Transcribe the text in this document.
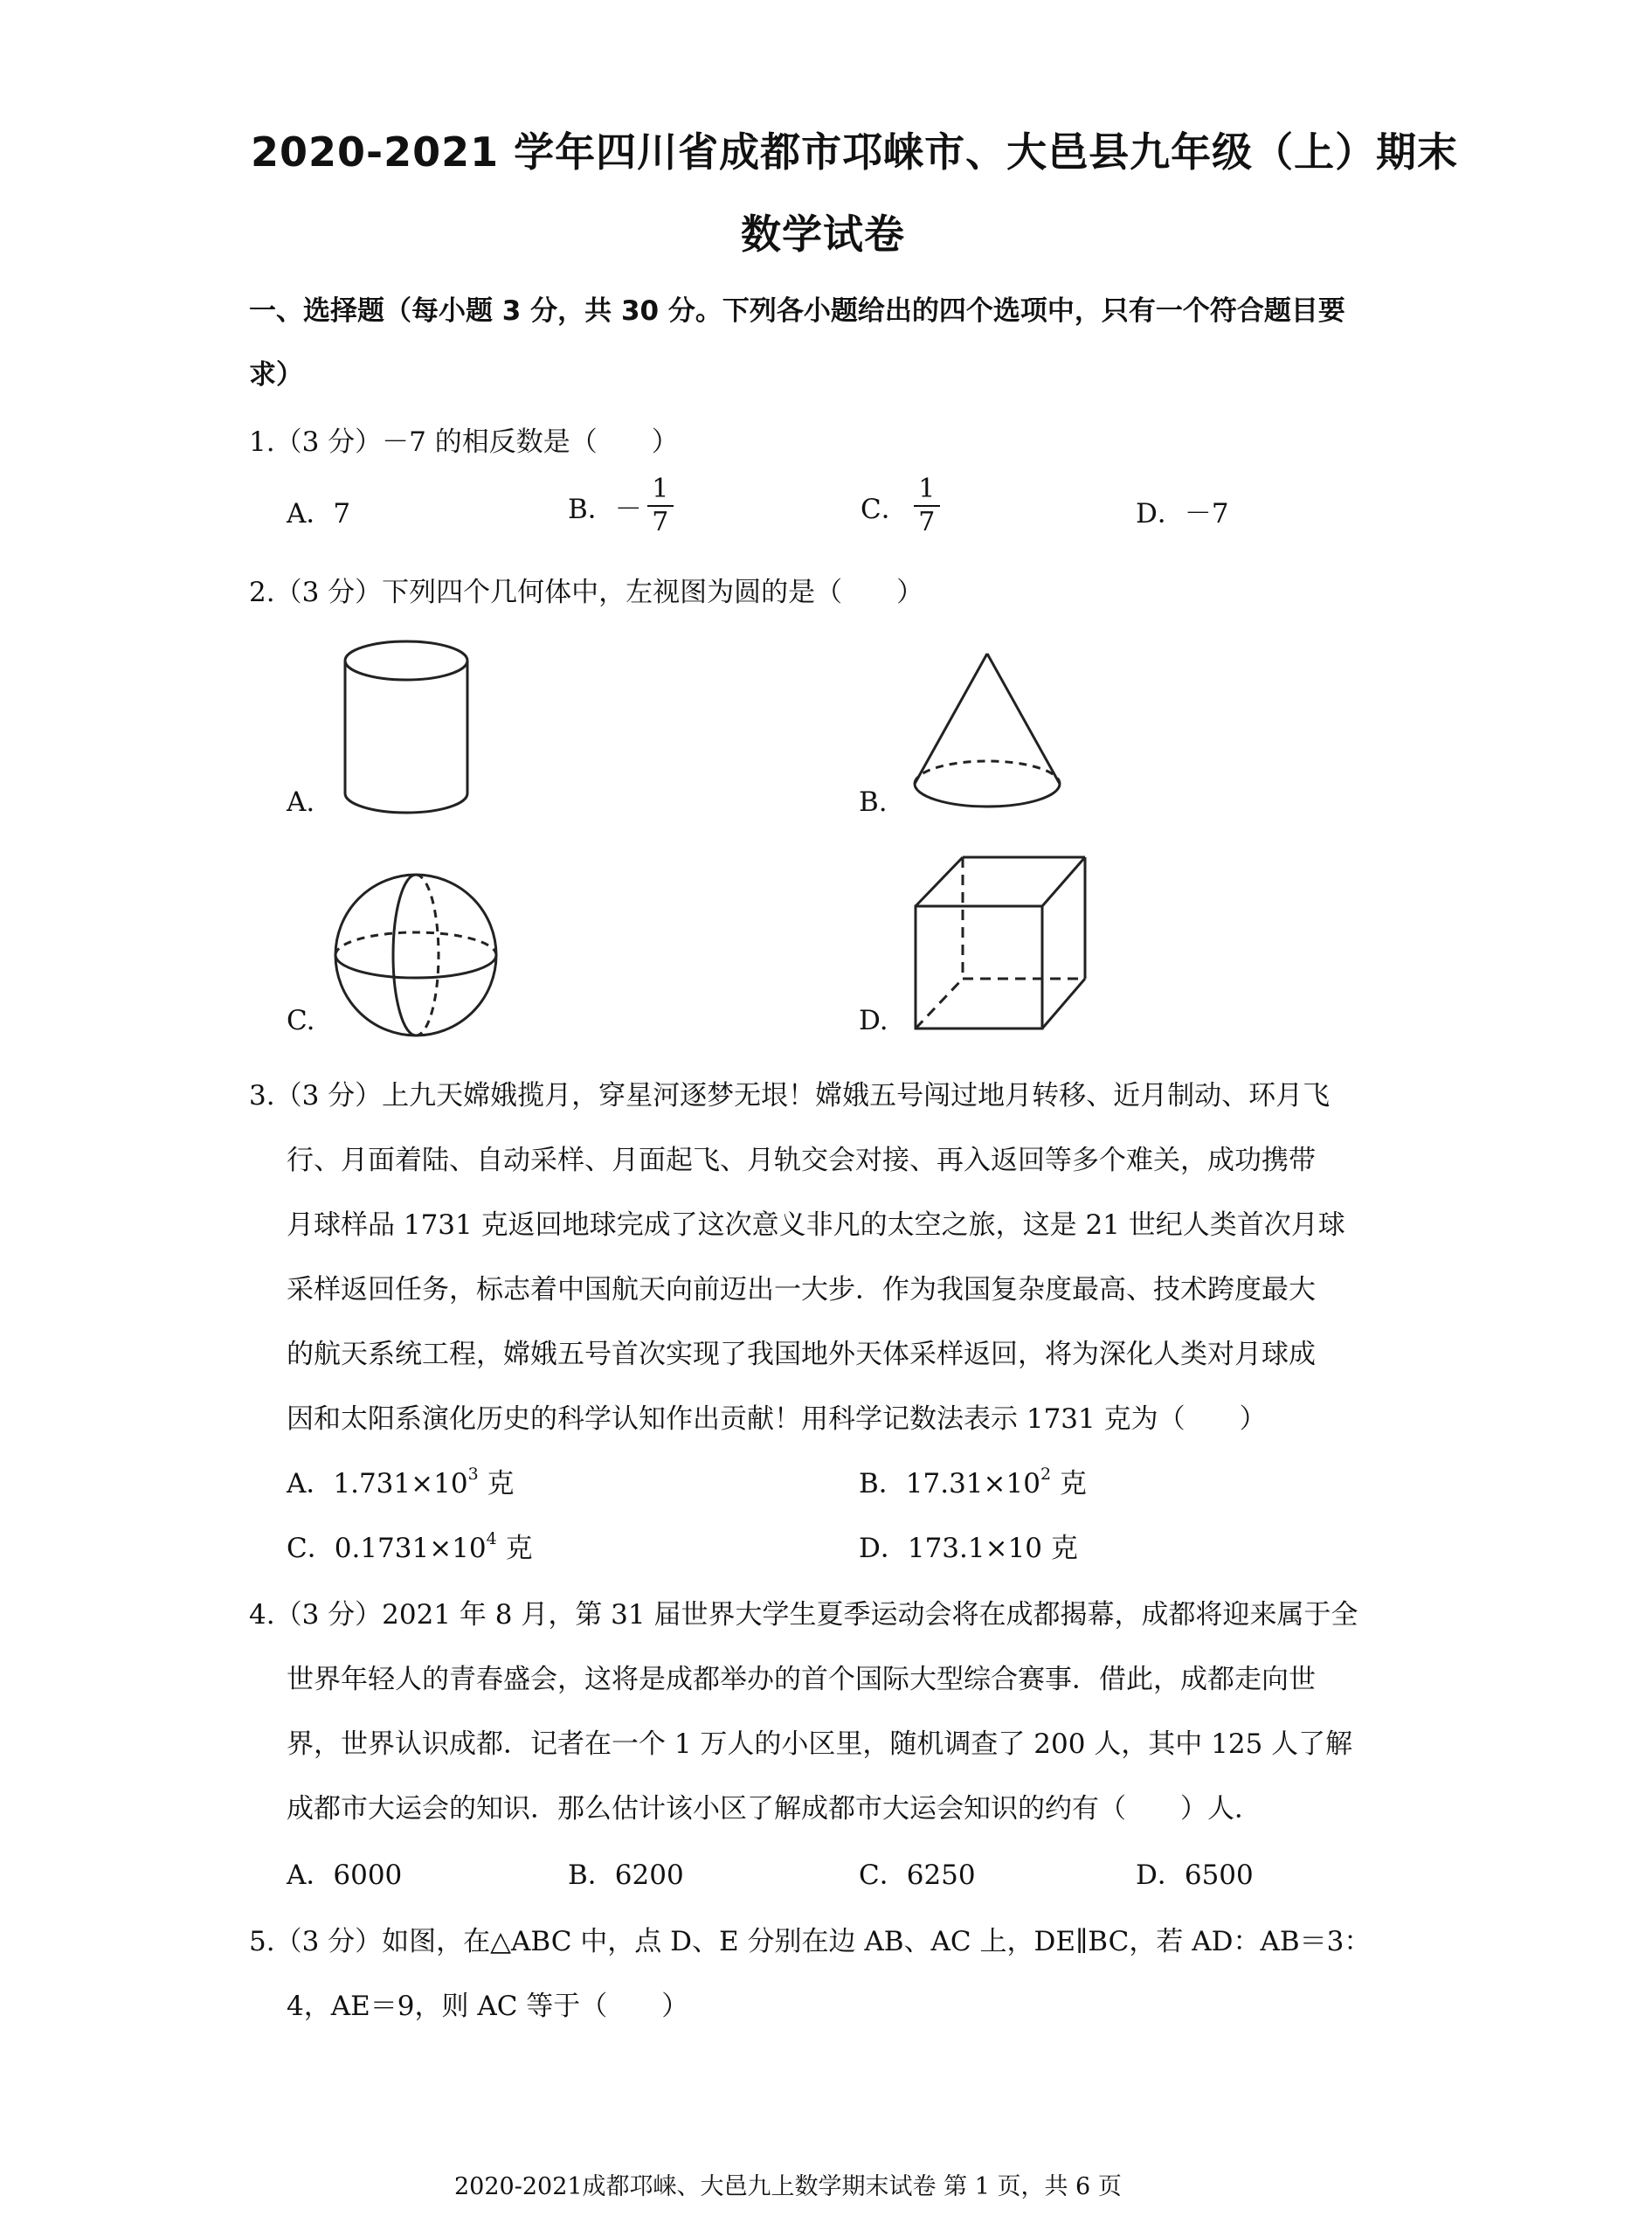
2020-2021 学年四川省成都市邛崃市、大邑县九年级（上）期末
数学试卷
一、选择题（每小题 3 分，共 30 分。下列各小题给出的四个选项中，只有一个符合题目要
求）
1.（3 分）－7 的相反数是（　　）
A．7	B．－ $\frac{1}{7}$	C． $\frac{1}{7}$	D．－7
2.（3 分）下列四个几何体中，左视图为圆的是（　　）
A.	B.
C.	D.
3.（3 分）上九天嫦娥揽月，穿星河逐梦无垠！嫦娥五号闯过地月转移、近月制动、环月飞
行、月面着陆、自动采样、月面起飞、月轨交会对接、再入返回等多个难关，成功携带
月球样品 1731 克返回地球完成了这次意义非凡的太空之旅，这是 21 世纪人类首次月球
采样返回任务，标志着中国航天向前迈出一大步．作为我国复杂度最高、技术跨度最大
的航天系统工程，嫦娥五号首次实现了我国地外天体采样返回，将为深化人类对月球成
因和太阳系演化历史的科学认知作出贡献！用科学记数法表示 1731 克为（　　）
A．$1.731\times 10^3$ 克	B．$17.31\times 10^2$ 克
C．$0.1731\times 10^4$ 克	D．173.1×10 克
4.（3 分）2021 年 8 月，第 31 届世界大学生夏季运动会将在成都揭幕，成都将迎来属于全
世界年轻人的青春盛会，这将是成都举办的首个国际大型综合赛事．借此，成都走向世
界，世界认识成都．记者在一个 1 万人的小区里，随机调查了 200 人，其中 125 人了解
成都市大运会的知识．那么估计该小区了解成都市大运会知识的约有（　　）人．
A．6000	B．6200	C．6250	D．6500
5.（3 分）如图，在△ABC 中，点 D、E 分别在边 AB、AC 上，DE∥BC，若 AD：AB＝3：
4，AE＝9，则 AC 等于（　　）
2020-2021成都邛崃、大邑九上数学期末试卷 第 1 页，共 6 页
